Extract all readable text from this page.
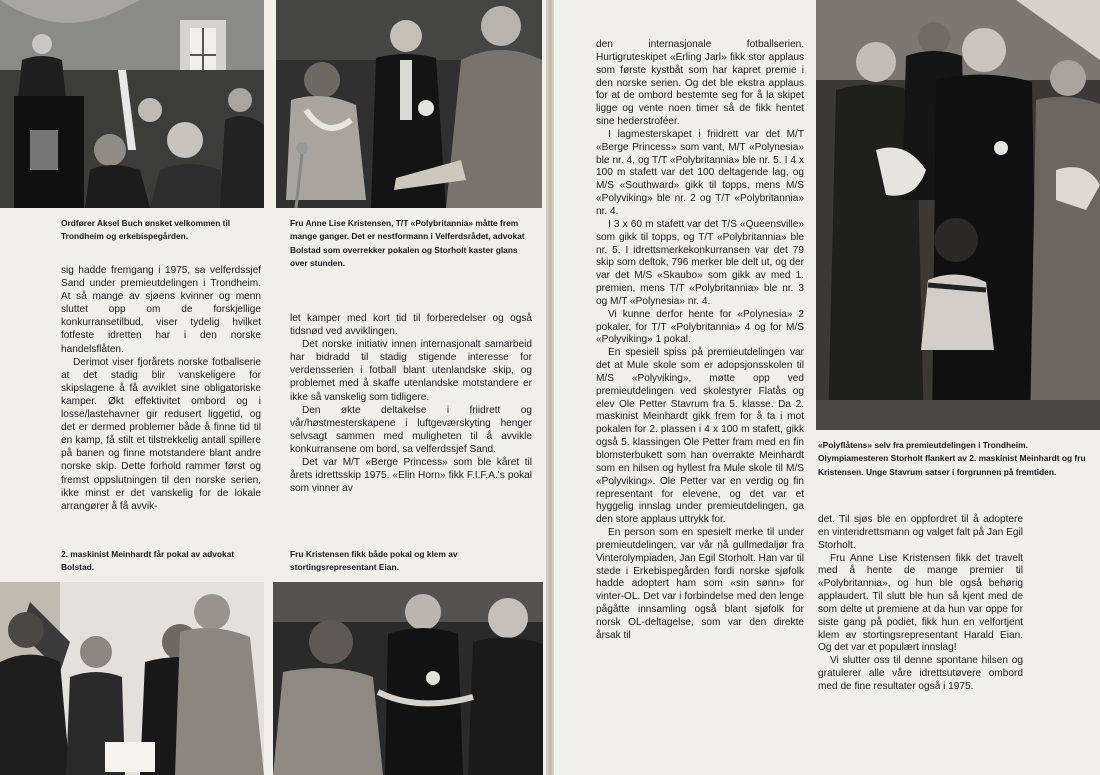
Ordfører Aksel Buch ønsket velkommen til Trondheim og erkebispegården.

Fru Anne Lise Kristensen, T/T «Polybritannia» måtte frem mange ganger. Det er nestformann i Velferdsrådet, advokat Bolstad som overrekker pokalen og Storholt kaster glans over stunden.

2. maskinist Meinhardt får pokal av advokat Bolstad.

Fru Kristensen fikk både pokal og klem av stortingsrepresentant Eian.

«Polyflåtens» selv fra premieutdelingen i Trondheim. Olympiamesteren Storholt flankert av 2. maskinist Meinhardt og fru Kristensen. Unge Stavrum satser i forgrunnen på fremtiden.

sig hadde fremgang i 1975, sa velferdssjef Sand under premieutdelingen i Trondheim. At så mange av sjøens kvinner og menn sluttet opp om de forskjellige konkurransetilbud, viser tydelig hvilket fotfeste idretten har i den norske handelsflåten.

Derimot viser fjorårets norske fotballserie at det stadig blir vanskeligere for skipslagene å få avviklet sine obligatoriske kamper. Økt effektivitet ombord og i losse/lastehavner gir redusert liggetid, og det er dermed problemer både å finne tid til en kamp, få stilt et tilstrekkelig antall spillere på banen og finne motstandere blant andre norske skip. Dette forhold rammer først og fremst oppslutningen til den norske serien, ikke minst er det vanskelig for de lokale arrangører å få avvik-

let kamper med kort tid til forberedelser og også tidsnød ved avviklingen.

Det norske initiativ innen internasjonalt samarbeid har bidradd til stadig stigende interesse for verdensserien i fotball blant utenlandske skip, og problemet med å skaffe utenlandske motstandere er ikke så vanskelig som tidligere.

Den økte deltakelse i friidrett og vår/høstmesterskapene i luftgeværskyting henger selvsagt sammen med muligheten til å avvikle konkurransene om bord, sa velferdssjef Sand.

Det var M/T «Berge Princess» som ble kåret til årets idrettsskip 1975. «Elin Horn» fikk F.I.F.A.'s pokal som vinner av

den internasjonale fotballserien. Hurtigruteskipet «Erling Jarl» fikk stor applaus som første kystbåt som har kapret premie i den norske serien. Og det ble ekstra applaus for at de ombord bestemte seg for å la skipet ligge og vente noen timer så de fikk hentet sine hederstroféer.

I lagmesterskapet i friidrett var det M/T «Berge Princess» som vant, M/T «Polynesia» ble nr. 4, og T/T «Polybritannia» ble nr. 5. I 4 x 100 m stafett var det 100 deltagende lag, og M/S «Southward» gikk til topps, mens M/S «Polyviking» ble nr. 2 og T/T «Polybritannia» nr. 4.

I 3 x 60 m stafett var det T/S «Queensville» som gikk til topps, og T/T «Polybritannia» ble nr. 5. I idrettsmerkekonkurransen var det 79 skip som deltok, 796 merker ble delt ut, og der var det M/S «Skaubo» som gikk av med 1. premien, mens T/T «Polybritannia» ble nr. 3 og M/T «Polynesia» nr. 4.

Vi kunne derfor hente for «Polynesia» 2 pokaler, for T/T «Polybritannia» 4 og for M/S «Polyviking» 1 pokal.

En spesiell spiss på premieutdelingen var det at Mule skole som er adopsjonsskolen til M/S «Polyviking», møtte opp ved premieutdelingen ved skolestyrer Flatås og elev Ole Petter Stavrum fra 5. klasse. Da 2. maskinist Meinhardt gikk frem for å ta i mot pokalen for 2. plassen i 4 x 100 m stafett, gikk også 5. klassingen Ole Petter fram med en fin blomsterbukett som han overrakte Meinhardt som en hilsen og hyllest fra Mule skole til M/S «Polyviking». Ole Petter var en verdig og fin representant for elevene, og det var et hyggelig innslag under premieutdelingen, ga den store applaus uttrykk for.

En person som en spesielt merke til under premieutdelingen, var vår nå gullmedaljør fra Vinterolympiaden, Jan Egil Storholt. Han var til stede i Erkebispegården fordi norske sjøfolk hadde adoptert ham som «sin sønn» for vinter-OL. Det var i forbindelse med den lenge pågåtte innsamling også blant sjøfolk for norsk OL-deltagelse, som var den direkte årsak til

det. Til sjøs ble en oppfordret til å adoptere en vinteridrettsmann og valget falt på Jan Egil Storholt.

Fru Anne Lise Kristensen fikk det travelt med å hente de mange premier til «Polybritannia», og hun ble også behørig applaudert. Til slutt ble hun så kjent med de som delte ut premiene at da hun var oppe for siste gang på podiet, fikk hun en velfortjent klem av stortingsrepresentant Harald Eian. Og det var et populært innslag!

Vi slutter oss til denne spontane hilsen og gratulerer alle våre idrettsutøvere ombord med de fine resultater også i 1975.
